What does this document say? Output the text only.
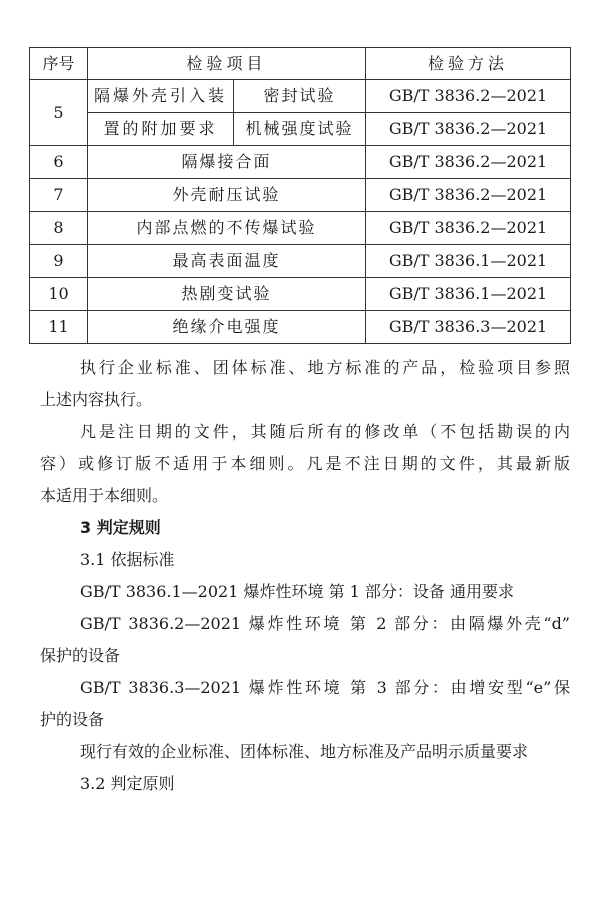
序号	检验项目		检验方法
5	隔爆外壳引入装	密封试验	GB/T 3836.2—2021
	置的附加要求	机械强度试验	GB/T 3836.2—2021
6	隔爆接合面		GB/T 3836.2—2021
7	外壳耐压试验		GB/T 3836.2—2021
8	内部点燃的不传爆试验		GB/T 3836.2—2021
9	最高表面温度		GB/T 3836.1—2021
10	热剧变试验		GB/T 3836.1—2021
11	绝缘介电强度		GB/T 3836.3—2021

执行企业标准、团体标准、地方标准的产品，检验项目参照

上述内容执行。

凡是注日期的文件，其随后所有的修改单（不包括勘误的内

容）或修订版不适用于本细则。凡是不注日期的文件，其最新版

本适用于本细则。

3 判定规则

3.1 依据标准

GB/T 3836.1—2021 爆炸性环境 第 1 部分：设备 通用要求

GB/T 3836.2—2021 爆炸性环境 第 2 部分：由隔爆外壳“d”

保护的设备

GB/T 3836.3—2021 爆炸性环境 第 3 部分：由增安型“e”保

护的设备

现行有效的企业标准、团体标准、地方标准及产品明示质量要求

3.2 判定原则
